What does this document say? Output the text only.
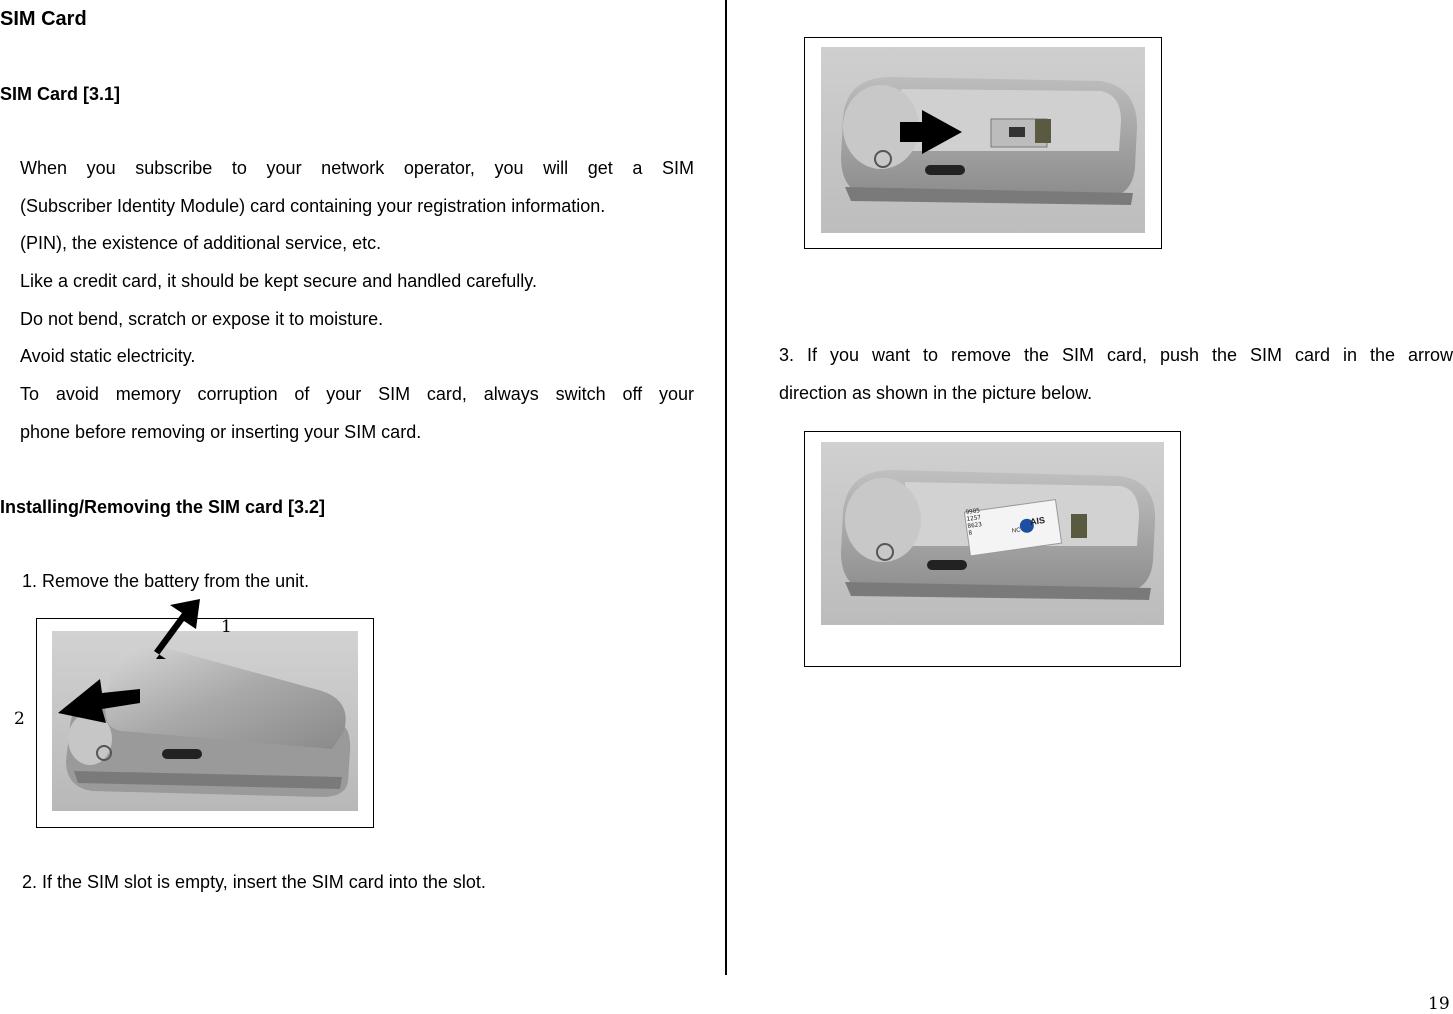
SIM Card
SIM Card [3.1]
When you subscribe to your network operator, you will get a SIM
(Subscriber Identity Module) card containing your registration information.
(PIN), the existence of additional service, etc.
Like a credit card, it should be kept secure and handled carefully.
Do not bend, scratch or expose it to moisture.
Avoid static electricity.
To avoid memory corruption of your SIM card, always switch off your
phone before removing or inserting your SIM card.
Installing/Removing the SIM card [3.2]
1. Remove the battery from the unit.
1
2
2. If the SIM slot is empty, insert the SIM card into the slot.
3. If you want to remove the SIM card, push the SIM card in the arrow
direction as shown in the picture below.
9905
1257
8623
8
AIS
NC
19
